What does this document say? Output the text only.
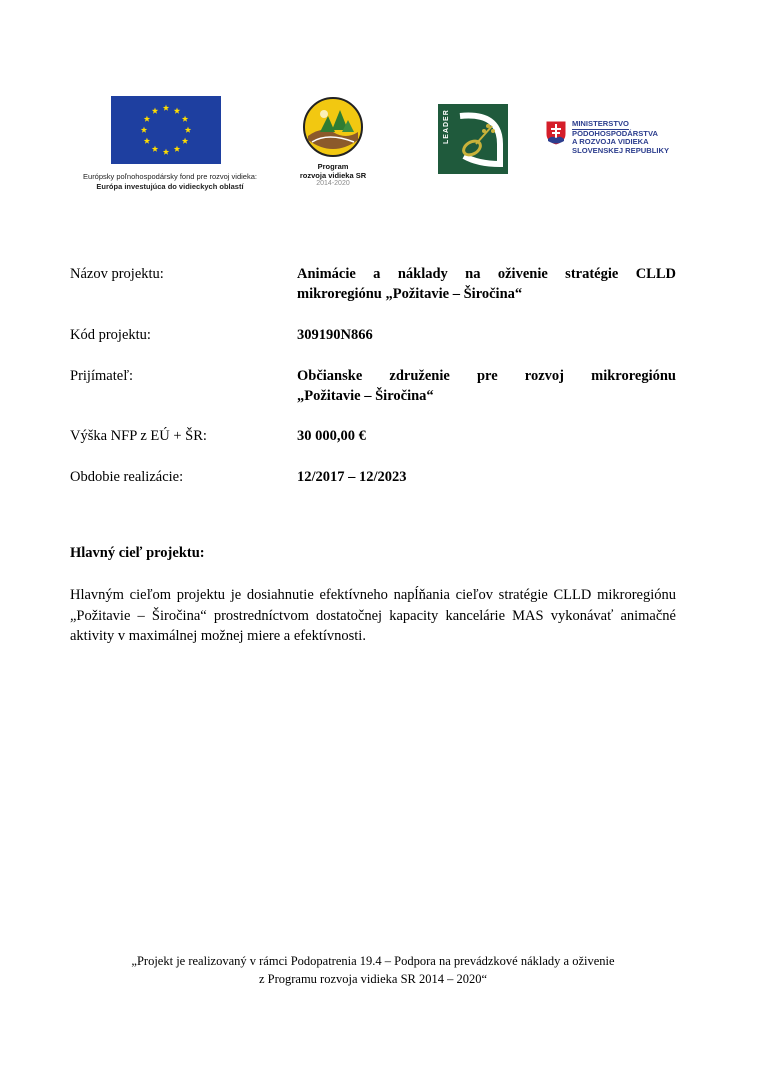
Európsky poľnohospodársky fond pre rozvoj vidieka:
Európa investujúca do vidieckych oblastí
Program
rozvoja vidieka SR
2014-2020
LEADER	MINISTERSTVO
PÔDOHOSPODÁRSTVA
A ROZVOJA VIDIEKA
SLOVENSKEJ REPUBLIKY
Názov projektu:	Animácie a náklady na oživenie stratégie CLLD
mikroregiónu „Požitavie – Širočina“
Kód projektu:	309190N866
Prijímateľ:	Občianske združenie pre rozvoj mikroregiónu
„Požitavie – Širočina“
Výška NFP z EÚ + ŠR:	30 000,00 €
Obdobie realizácie:	12/2017 – 12/2023
Hlavný cieľ projektu:
Hlavným cieľom projektu je dosiahnutie efektívneho napĺňania cieľov stratégie CLLD mikroregiónu „Požitavie – Širočina“ prostredníctvom dostatočnej kapacity kancelárie MAS vykonávať animačné aktivity v maximálnej možnej miere a efektívnosti.
„Projekt je realizovaný v rámci Podopatrenia 19.4 – Podpora na prevádzkové náklady a oživenie
z Programu rozvoja vidieka SR 2014 – 2020“
